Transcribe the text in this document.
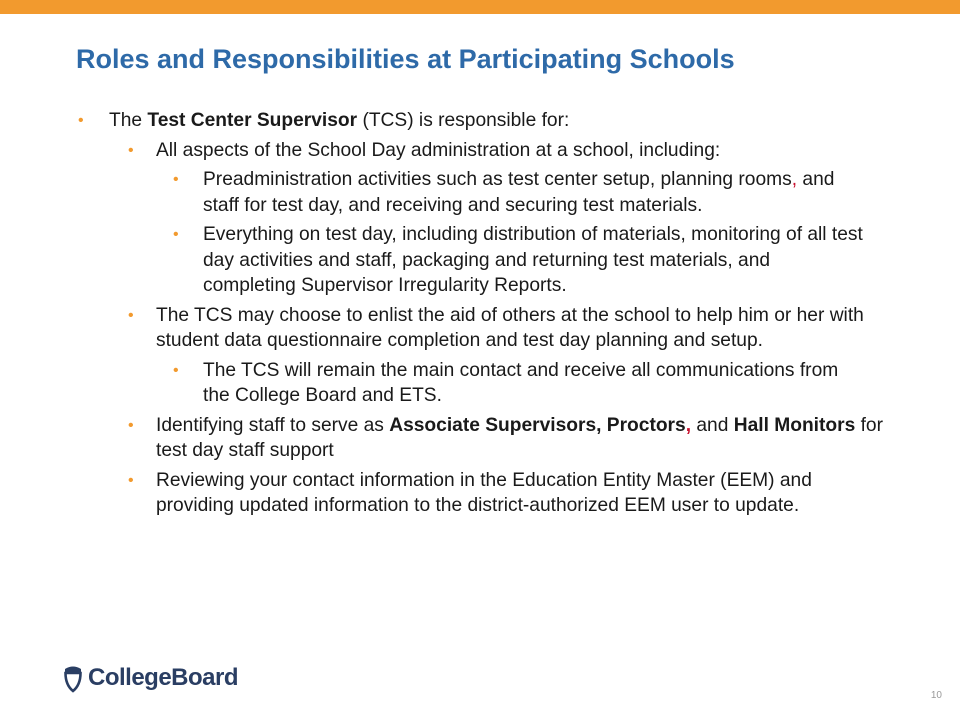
Roles and Responsibilities at Participating Schools
• The Test Center Supervisor (TCS) is responsible for:
• All aspects of the School Day administration at a school, including:
• Preadministration activities such as test center setup, planning rooms, and staff for test day, and receiving and securing test materials.
• Everything on test day, including distribution of materials, monitoring of all test day activities and staff, packaging and returning test materials, and completing Supervisor Irregularity Reports.
• The TCS may choose to enlist the aid of others at the school to help him or her with student data questionnaire completion and test day planning and setup.
• The TCS will remain the main contact and receive all communications from the College Board and ETS.
• Identifying staff to serve as Associate Supervisors, Proctors, and Hall Monitors for test day staff support
• Reviewing your contact information in the Education Entity Master (EEM) and providing updated information to the district-authorized EEM user to update.
CollegeBoard
10
